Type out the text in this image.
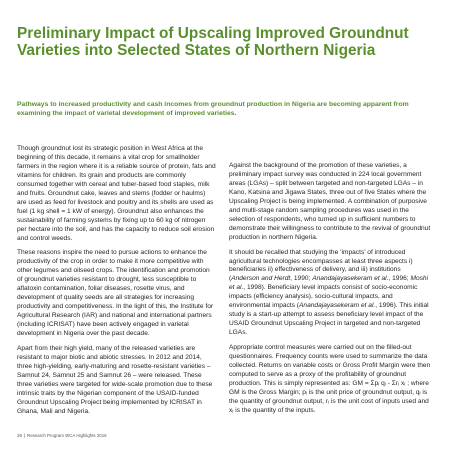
Preliminary Impact of Upscaling Improved Groundnut Varieties into Selected States of Northern Nigeria

Pathways to increased productivity and cash incomes from groundnut production in Nigeria are becoming apparent from examining the impact of varietal development of improved varieties.

Though groundnut lost its strategic position in West Africa at the beginning of this decade, it remains a vital crop for smallholder farmers in the region where it is a reliable source of protein, fats and vitamins for children. Its grain and products are commonly consumed together with cereal and tuber-based food staples, milk and fruits. Groundnut cake, leaves and stems (fodder or haulms) are used as feed for livestock and poultry and its shells are used as fuel (1 kg shell = 1 kW of energy). Groundnut also enhances the sustainability of farming systems by fixing up to 60 kg of nitrogen per hectare into the soil, and has the capacity to reduce soil erosion and control weeds.

These reasons inspire the need to pursue actions to enhance the productivity of the crop in order to make it more competitive with other legumes and oilseed crops. The identification and promotion of groundnut varieties resistant to drought, less susceptible to aflatoxin contamination, foliar diseases, rosette virus, and development of quality seeds are all strategies for increasing productivity and competitiveness. In the light of this, the Institute for Agricultural Research (IAR) and national and international partners (including ICRISAT) have been actively engaged in varietal development in Nigeria over the past decade.

Apart from their high yield, many of the released varieties are resistant to major biotic and abiotic stresses. In 2012 and 2014, three high-yielding, early-maturing and rosette-resistant varieties – Samnut 24, Samnut 25 and Samnut 26 – were released. These three varieties were targeted for wide-scale promotion due to these intrinsic traits by the Nigerian component of the USAID-funded Groundnut Upscaling Project being implemented by ICRISAT in Ghana, Mali and Nigeria.

Against the background of the promotion of these varieties, a preliminary impact survey was conducted in 224 local government areas (LGAs) – split between targeted and non-targeted LGAs – in Kano, Katsina and Jigawa States, three out of five States where the Upscaling Project is being implemented. A combination of purposive and multi-stage random sampling procedures was used in the selection of respondents, who turned up in sufficient numbers to demonstrate their willingness to contribute to the revival of groundnut production in northern Nigeria.

It should be recalled that studying the ‘impacts’ of introduced agricultural technologies encompasses at least three aspects i) beneficiaries ii) effectiveness of delivery, and iii) institutions (Anderson and Herdt, 1990; Anandajayasekeram et al., 1996; Moshi et al., 1998). Beneficiary level impacts consist of socio-economic impacts (efficiency analysis), socio-cultural impacts, and environmental impacts (Anandajayasekeram et al., 1996). This initial study is a start-up attempt to assess beneficiary level impact of the USAID Groundnut Upscaling Project in targeted and non-targeted LGAs.

Appropriate control measures were carried out on the filled-out questionnaires. Frequency counts were used to summarize the data collected. Returns on variable costs or Gross Profit Margin were then computed to serve as a proxy of the profitability of groundnut production. This is simply represented as: GM = Σpᵢ qᵢ - Σrⱼ xⱼ ; where GM is the Gross Margin; pᵢ is the unit price of groundnut output, qᵢ is the quantity of groundnut output, rⱼ is the unit cost of inputs used and xⱼ is the quantity of the inputs.

28 | Research Program WCA Highlights 2016
